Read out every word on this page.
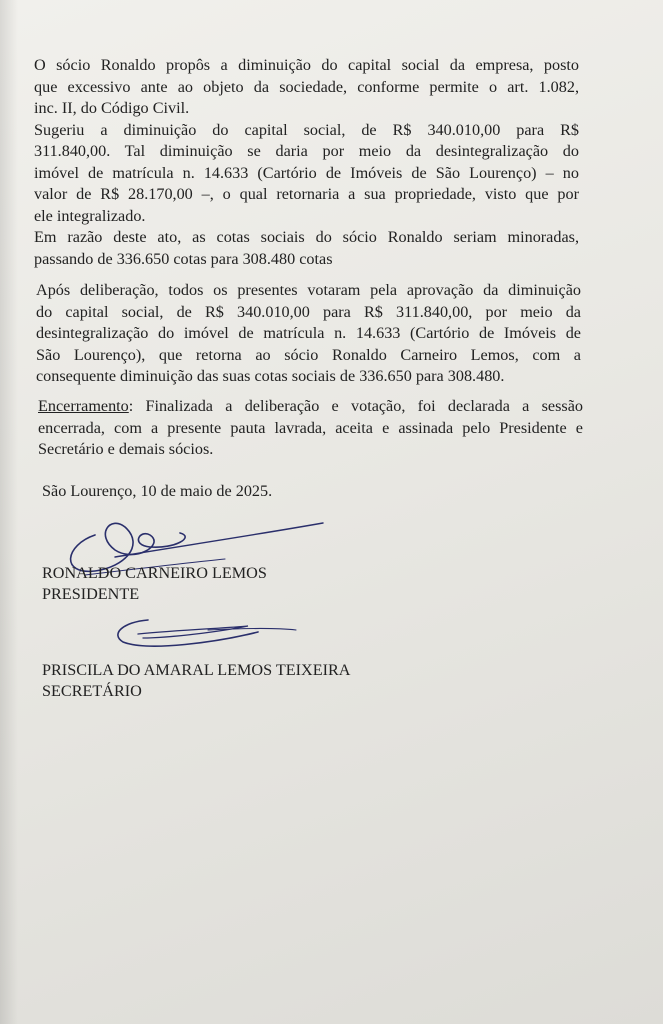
O sócio Ronaldo propôs a diminuição do capital social da empresa, posto
que excessivo ante ao objeto da sociedade, conforme permite o art. 1.082,
inc. II, do Código Civil.
Sugeriu a diminuição do capital social, de R$ 340.010,00 para R$
311.840,00. Tal diminuição se daria por meio da desintegralização do
imóvel de matrícula n. 14.633 (Cartório de Imóveis de São Lourenço) – no
valor de R$ 28.170,00 –, o qual retornaria a sua propriedade, visto que por
ele integralizado.
Em razão deste ato, as cotas sociais do sócio Ronaldo seriam minoradas,
passando de 336.650 cotas para 308.480 cotas
Após deliberação, todos os presentes votaram pela aprovação da diminuição
do capital social, de R$ 340.010,00 para R$ 311.840,00, por meio da
desintegralização do imóvel de matrícula n. 14.633 (Cartório de Imóveis de
São Lourenço), que retorna ao sócio Ronaldo Carneiro Lemos, com a
consequente diminuição das suas cotas sociais de 336.650 para 308.480.
Encerramento: Finalizada a deliberação e votação, foi declarada a sessão
encerrada, com a presente pauta lavrada, aceita e assinada pelo Presidente e
Secretário e demais sócios.
São Lourenço, 10 de maio de 2025.
RONALDO CARNEIRO LEMOS
PRESIDENTE
PRISCILA DO AMARAL LEMOS TEIXEIRA
SECRETÁRIO
